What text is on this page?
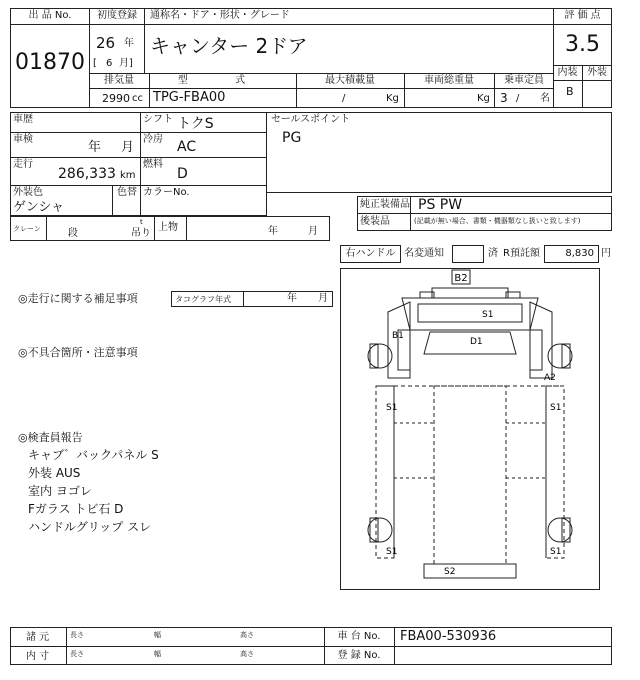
出 品 No.
01870
初度登録
26 年
[ 6 月]
通称名・ドア・形状・グレード
キャンター 2ドア
評 価 点
3.5
内装 外装
B
排気量	型 式	最大積載量	車両総重量	乗車定員
2990 cc TPG-FBA00	/	Kg	Kg 3 / 名
車歴	シフト トクS
車検
年 月
冷房 AC
走行
286,333 km
燃料
D
外装色
ゲンシャ
色替 カラーNo.
セールスポイント
PG
純正装備品 PS PW
後装品	(記載が無い場合、書類・機器類なし扱いと致します)
クレーン	段
t
吊り
上物	年	月
右ハンドル 名変通知	済 R預託額	8,830 円
◎走行に関する補足事項	タコグラフ年式	年 月
◎不具合箇所・注意事項
◎検査員報告
キャブ゛バックパネル S
外装 AUS
室内 ヨゴレ
Fガラス トビ石 D
ハンドルグリップ スレ
B2
S1
B1
D1
A2
S1	S1
S1	S1
S2
諸 元
内 寸
長さ	幅	高さ
長さ	幅	高さ
車 台 No.	FBA00-530936
登 録 No.
